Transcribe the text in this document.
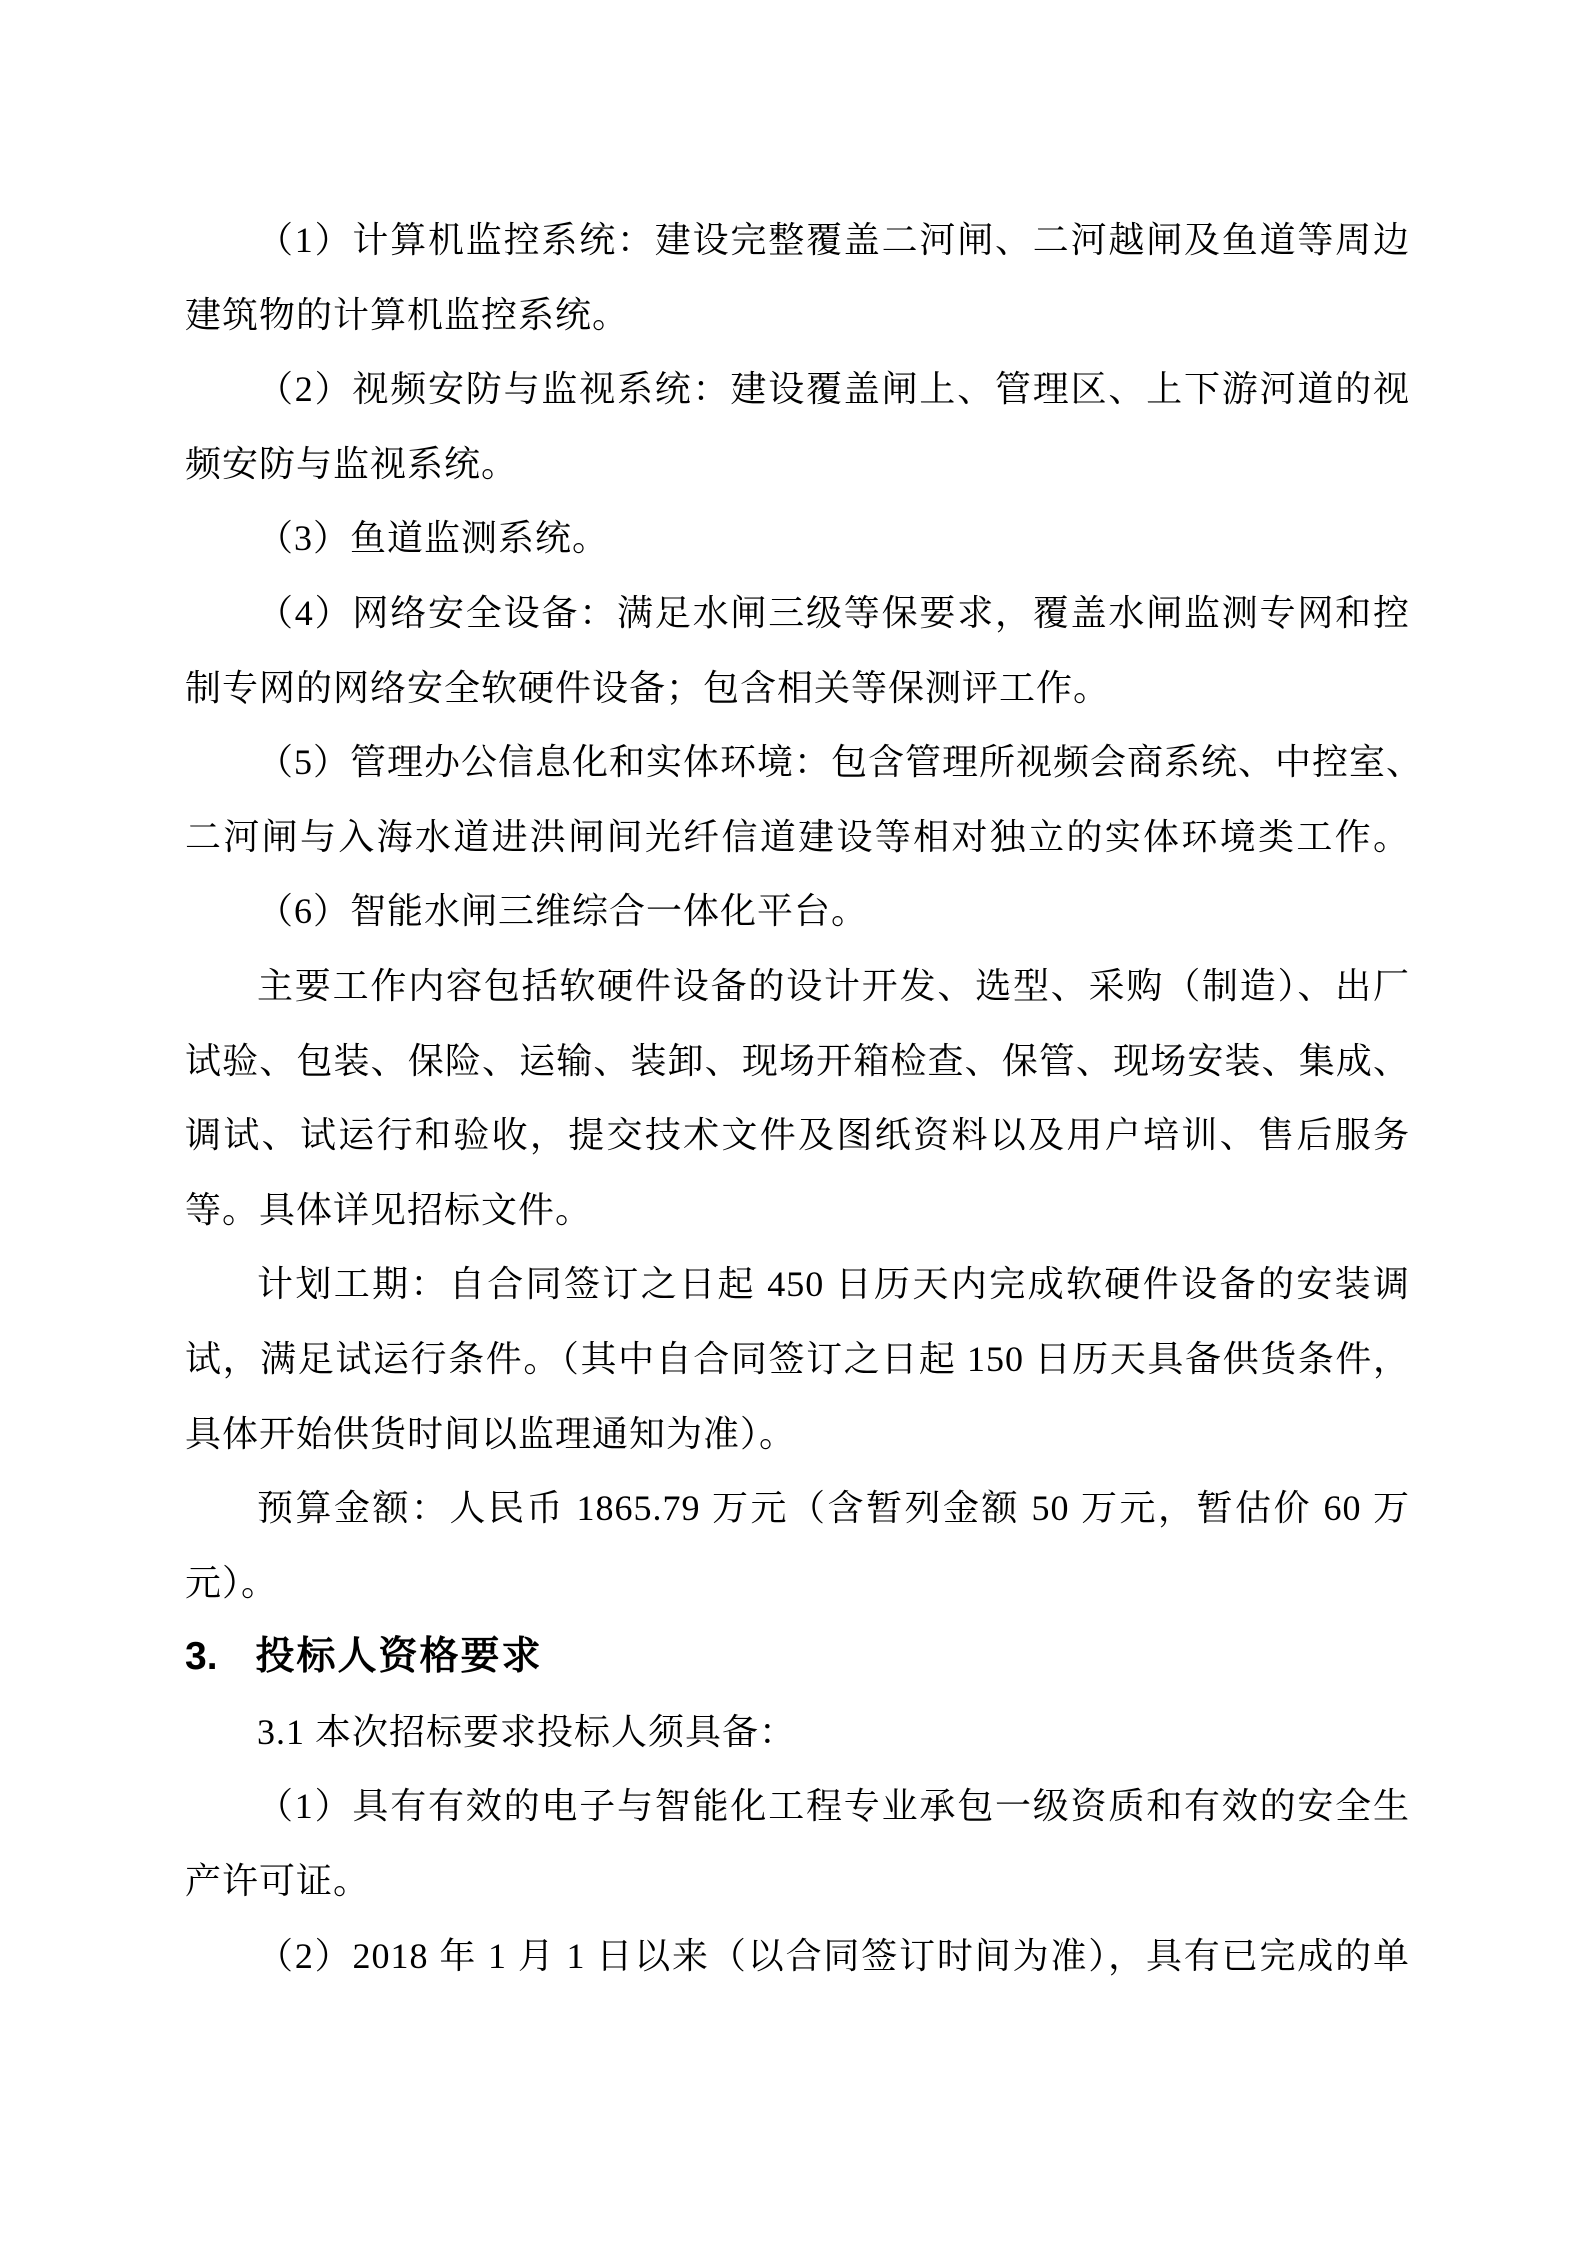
（1）计算机监控系统：建设完整覆盖二河闸、二河越闸及鱼道等周边
建筑物的计算机监控系统。
（2）视频安防与监视系统：建设覆盖闸上、管理区、上下游河道的视
频安防与监视系统。
（3）鱼道监测系统。
（4）网络安全设备：满足水闸三级等保要求，覆盖水闸监测专网和控
制专网的网络安全软硬件设备；包含相关等保测评工作。
（5）管理办公信息化和实体环境：包含管理所视频会商系统、中控室、
二河闸与入海水道进洪闸间光纤信道建设等相对独立的实体环境类工作。
（6）智能水闸三维综合一体化平台。
主要工作内容包括软硬件设备的设计开发、选型、采购（制造）、出厂
试验、包装、保险、运输、装卸、现场开箱检查、保管、现场安装、集成、
调试、试运行和验收，提交技术文件及图纸资料以及用户培训、售后服务
等。具体详见招标文件。
计划工期：自合同签订之日起 450 日历天内完成软硬件设备的安装调
试，满足试运行条件。（其中自合同签订之日起 150 日历天具备供货条件，
具体开始供货时间以监理通知为准）。
预算金额：人民币 1865.79 万元（含暂列金额 50 万元，暂估价 60 万
元）。
3. 投标人资格要求
3.1 本次招标要求投标人须具备：
（1）具有有效的电子与智能化工程专业承包一级资质和有效的安全生
产许可证。
（2）2018 年 1 月 1 日以来（以合同签订时间为准），具有已完成的单
